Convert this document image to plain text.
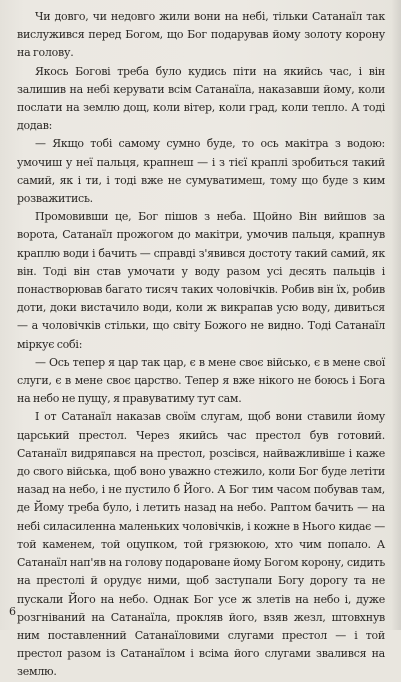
Чи довго, чи недовго жили вони на небі, тільки Сатанаїл так вислужився перед Богом, що Бог подарував йому золоту корону на голову.

Якось Богові треба було кудись піти на якийсь час, і він залишив на небі керувати всім Сатанаїла, наказавши йому, коли послати на землю дощ, коли вітер, коли град, коли тепло. А тоді додав:

— Якщо тобі самому сумно буде, то ось макітра з водою: умочиш у неї пальця, крапнеш — і з тієї краплі зробиться такий самий, як і ти, і тоді вже не сумуватимеш, тому що буде з ким розважитись.

Промовивши це, Бог пішов з неба. Щойно Він вийшов за ворота, Сатанаїл прожогом до макітри, умочив пальця, крапнув краплю води і бачить — справді з'явився достоту такий самий, як він. Тоді він став умочати у воду разом усі десять пальців і понастворював багато тисяч таких чоловічків. Робив він їх, робив доти, доки вистачило води, коли ж викрапав усю воду, дивиться — а чоловічків стільки, що світу Божого не видно. Тоді Сатанаїл міркує собі:

— Ось тепер я цар так цар, є в мене своє військо, є в мене свої слуги, є в мене своє царство. Тепер я вже нікого не боюсь і Бога на небо не пущу, я правуватиму тут сам.

І от Сатанаїл наказав своїм слугам, щоб вони ставили йому царський престол. Через якийсь час престол був готовий. Сатанаїл видряпався на престол, розсівся, найважливіше і каже до свого війська, щоб воно уважно стежило, коли Бог буде летіти назад на небо, і не пустило б Його. А Бог тим часом побував там, де Йому треба було, і летить назад на небо. Раптом бачить — на небі силасиленна маленьких чоловічків, і кожне в Нього кидає — той каменем, той оцупком, той грязюкою, хто чим попало. А Сатанаїл нап'яв на голову подароване йому Богом корону, сидить на престолі й орудує ними, щоб заступали Богу дорогу та не пускали Його на небо. Однак Бог усе ж злетів на небо і, дуже розгніваний на Сатанаїла, прокляв його, взяв жезл, штовхнув ним поставленний Сатанаїловими слугами престол — і той престол разом із Сатанаїлом і всіма його слугами звалився на землю.

6
